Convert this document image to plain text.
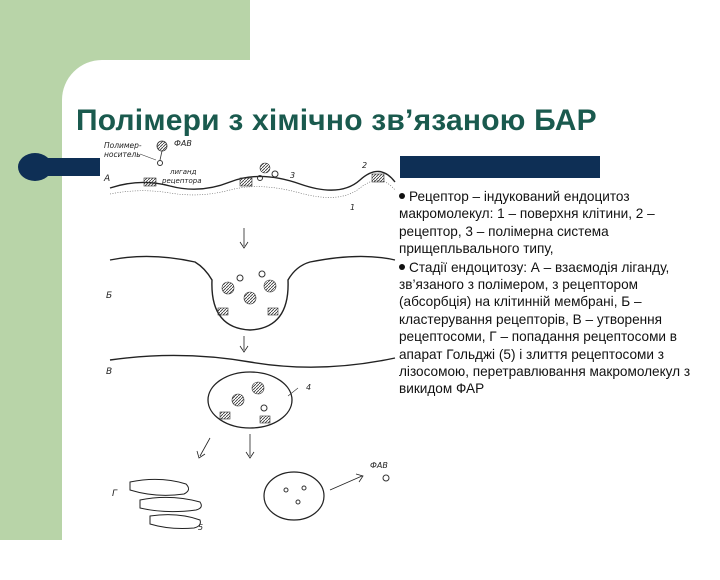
Полімери з хімічно зв’язаною БАР
Полимер-
носитель
ФАВ
лиганд
рецептора
А	3
2
1
Б
В
4
Г
5
ФАВ

Рецептор – індукований ендоцитоз макромолекул: 1 – поверхня клітини, 2 – рецептор, 3 – полімерна система прищепльвального типу,

Стадії ендоцитозу: А – взаємодія ліганду, зв’язаного з полімером, з рецептором (абсорбція) на клітинній мембрані, Б – кластерування рецепторів, В – утворення рецептосоми, Г – попадання рецептосоми в апарат Гольджі (5) і злиття рецептосоми з лізосомою, перетравлювання макромолекул з викидом ФАР
